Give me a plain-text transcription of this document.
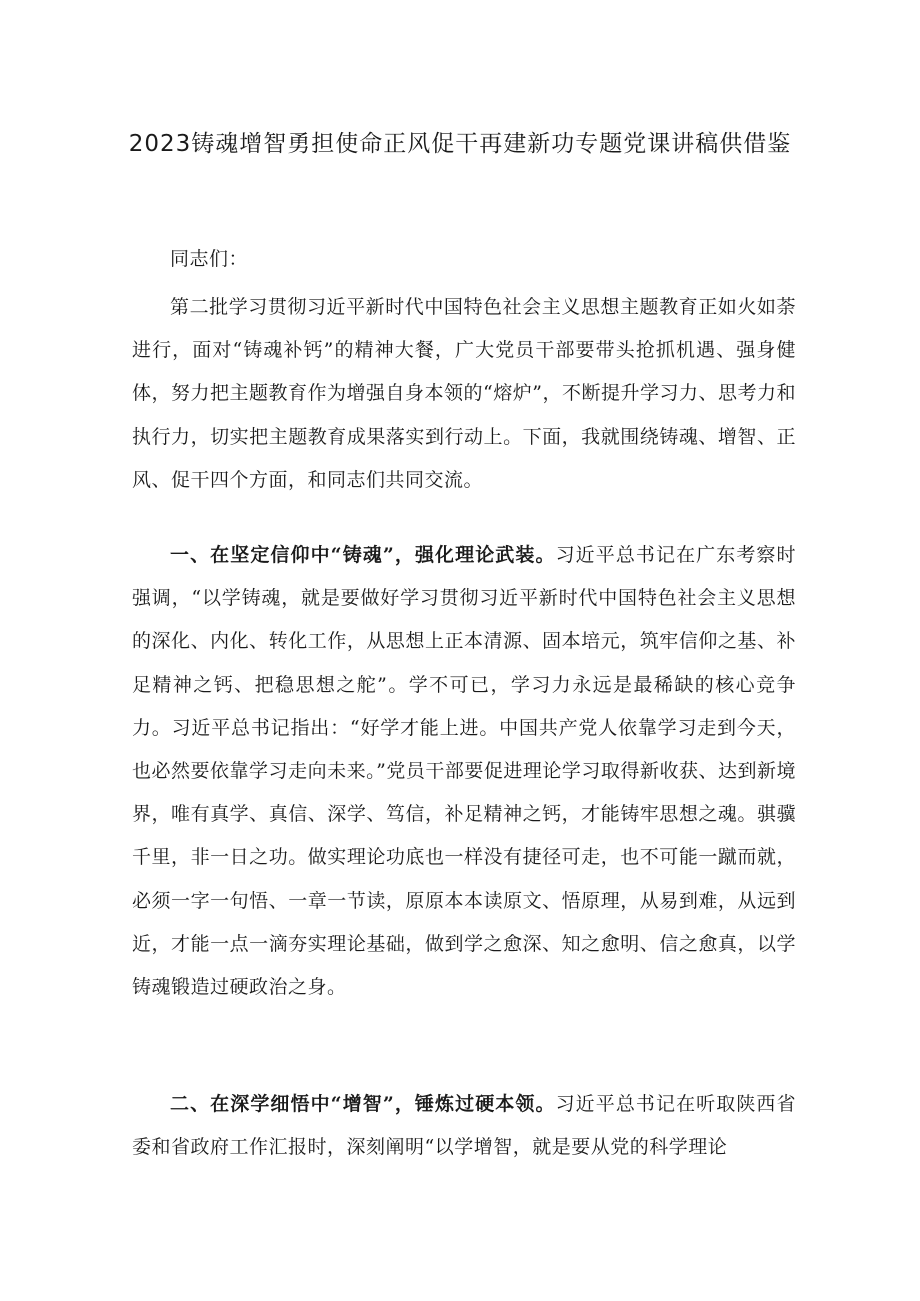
2023铸魂增智勇担使命正风促干再建新功专题党课讲稿供借鉴

同志们：

第二批学习贯彻习近平新时代中国特色社会主义思想主题教育正如火如荼进行，面对“铸魂补钙”的精神大餐，广大党员干部要带头抢抓机遇、强身健体，努力把主题教育作为增强自身本领的“熔炉”，不断提升学习力、思考力和执行力，切实把主题教育成果落实到行动上。下面，我就围绕铸魂、增智、正风、促干四个方面，和同志们共同交流。

一、在坚定信仰中“铸魂”，强化理论武装。习近平总书记在广东考察时强调，“以学铸魂，就是要做好学习贯彻习近平新时代中国特色社会主义思想的深化、内化、转化工作，从思想上正本清源、固本培元，筑牢信仰之基、补足精神之钙、把稳思想之舵”。学不可已，学习力永远是最稀缺的核心竞争力。习近平总书记指出：“好学才能上进。中国共产党人依靠学习走到今天，也必然要依靠学习走向未来。”党员干部要促进理论学习取得新收获、达到新境界，唯有真学、真信、深学、笃信，补足精神之钙，才能铸牢思想之魂。骐骥千里，非一日之功。做实理论功底也一样没有捷径可走，也不可能一蹴而就，必须一字一句悟、一章一节读，原原本本读原文、悟原理，从易到难，从远到近，才能一点一滴夯实理论基础，做到学之愈深、知之愈明、信之愈真，以学铸魂锻造过硬政治之身。

二、在深学细悟中“增智”，锤炼过硬本领。习近平总书记在听取陕西省委和省政府工作汇报时，深刻阐明“以学增智，就是要从党的科学理论
